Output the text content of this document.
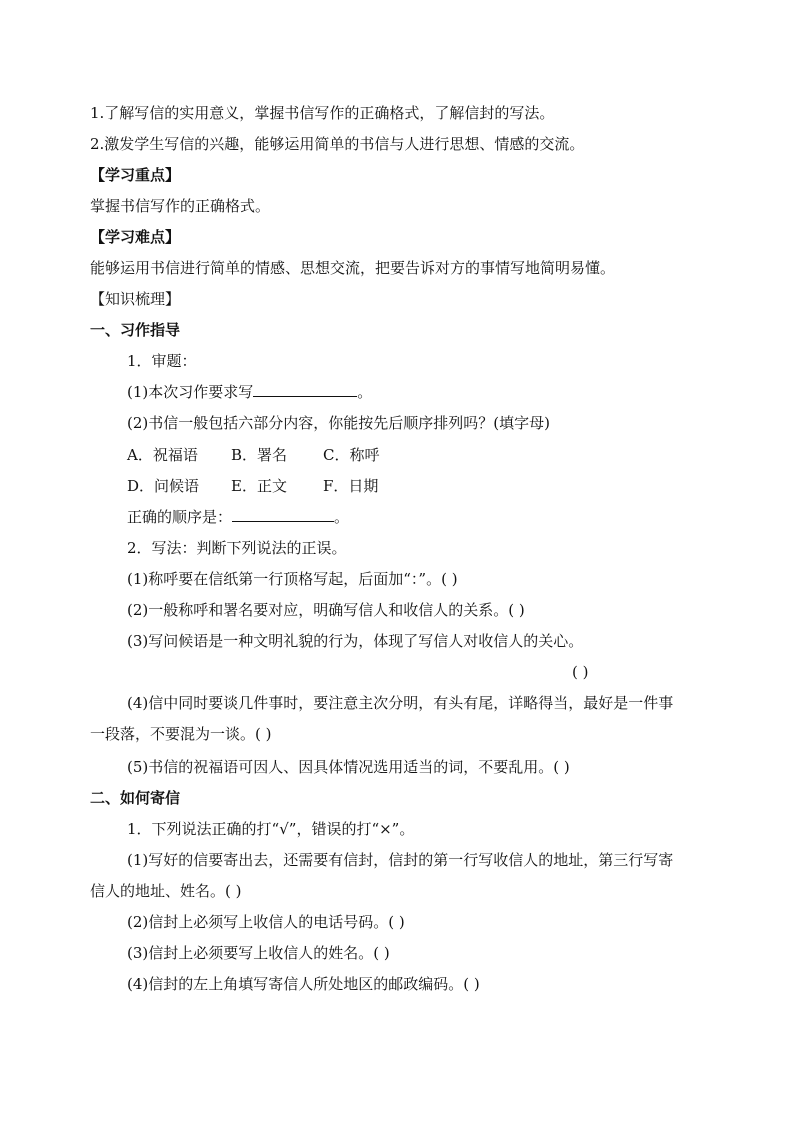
1.了解写信的实用意义，掌握书信写作的正确格式，了解信封的写法。
2.激发学生写信的兴趣，能够运用简单的书信与人进行思想、情感的交流。
【学习重点】
掌握书信写作的正确格式。
【学习难点】
能够运用书信进行简单的情感、思想交流，把要告诉对方的事情写地简明易懂。
【知识梳理】
一、习作指导
1．审题：
(1)本次习作要求写	。
(2)书信一般包括六部分内容，你能按先后顺序排列吗？(填字母)
A．祝福语 B．署名 C．称呼
D．问候语 E．正文 F．日期
正确的顺序是：	。
2．写法：判断下列说法的正误。
(1)称呼要在信纸第一行顶格写起，后面加“：”。( )
(2)一般称呼和署名要对应，明确写信人和收信人的关系。( )
(3)写问候语是一种文明礼貌的行为，体现了写信人对收信人的关心。
( )
(4)信中同时要谈几件事时，要注意主次分明，有头有尾，详略得当，最好是一件事
一段落，不要混为一谈。( )
(5)书信的祝福语可因人、因具体情况选用适当的词，不要乱用。( )
二、如何寄信
1．下列说法正确的打“√”，错误的打“×”。
(1)写好的信要寄出去，还需要有信封，信封的第一行写收信人的地址，第三行写寄
信人的地址、姓名。( )
(2)信封上必须写上收信人的电话号码。( )
(3)信封上必须要写上收信人的姓名。( )
(4)信封的左上角填写寄信人所处地区的邮政编码。( )
